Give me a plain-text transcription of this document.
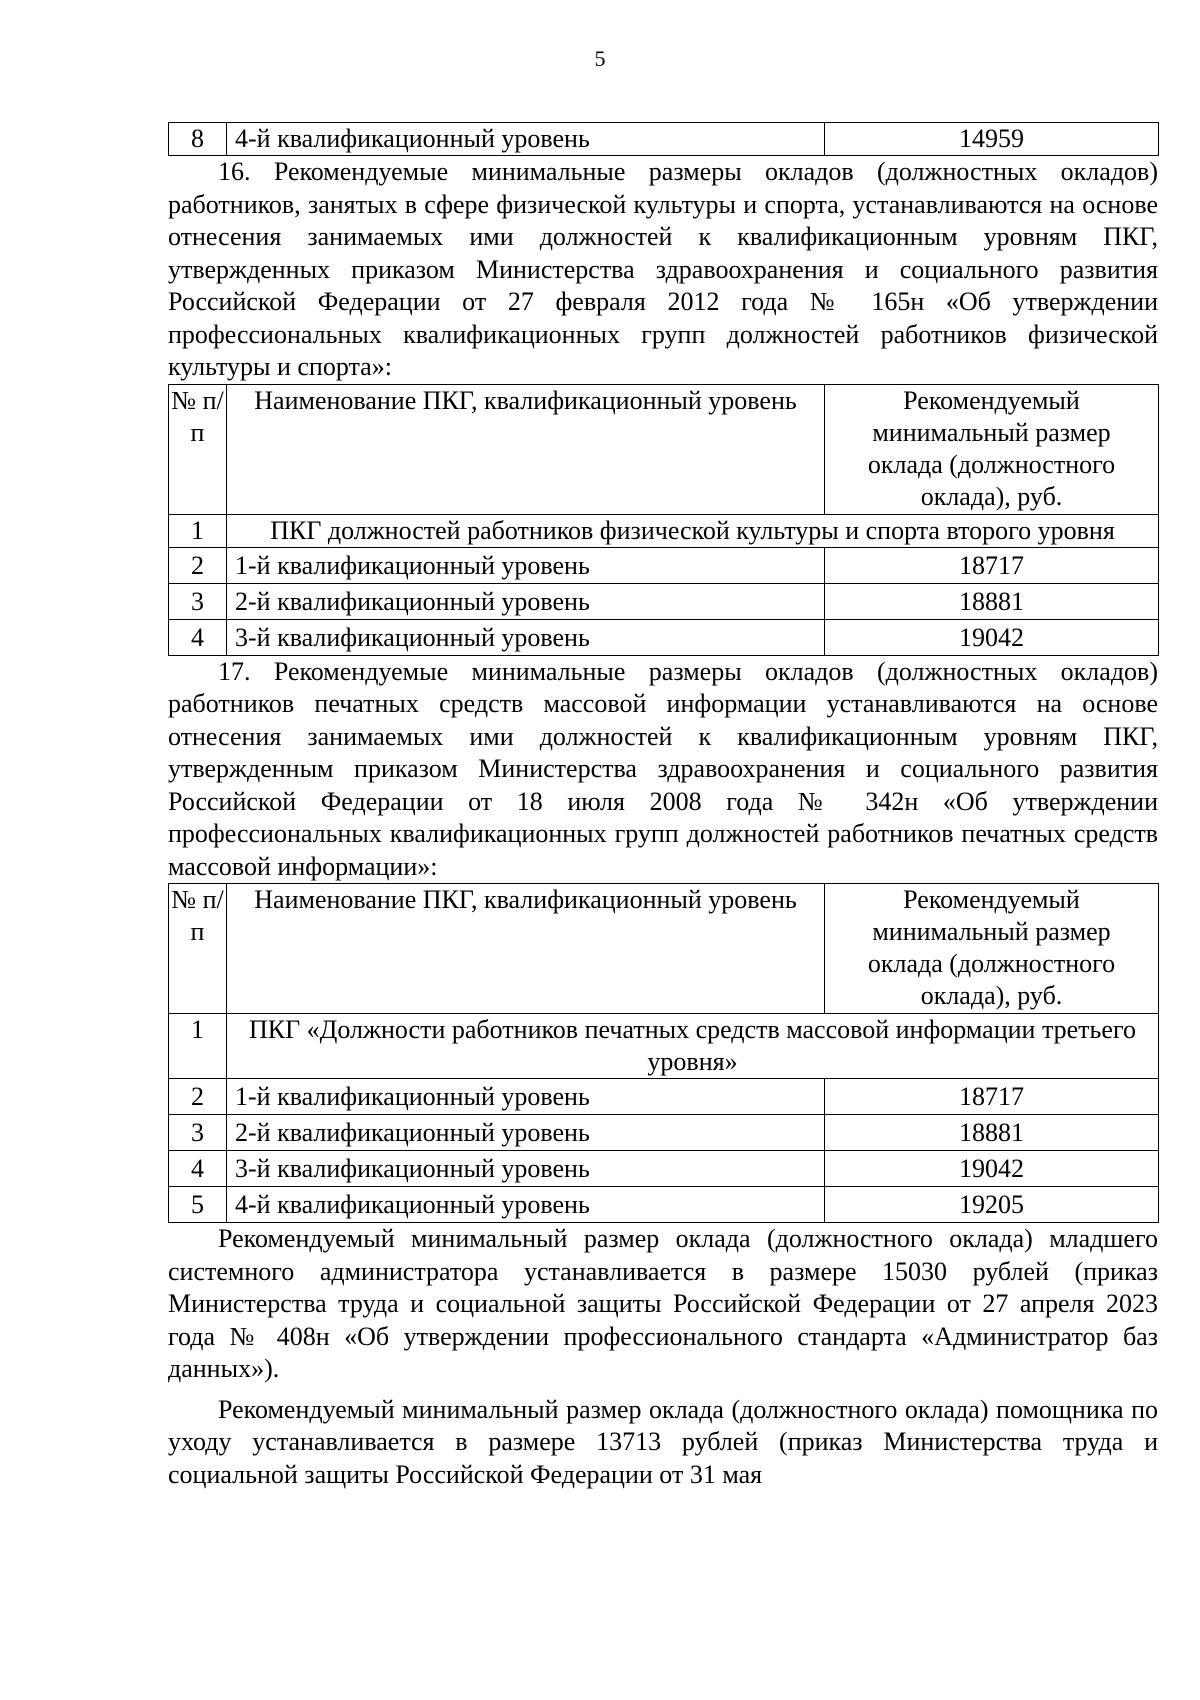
5
8	4-й квалификационный уровень	14959

16. Рекомендуемые минимальные размеры окладов (должностных окладов) работников, занятых в сфере физической культуры и спорта, устанавливаются на основе отнесения занимаемых ими должностей к квалификационным уровням ПКГ, утвержденных приказом Министерства здравоохранения и социального развития Российской Федерации от 27 февраля 2012 года № 165н «Об утверждении профессиональных квалификационных групп должностей работников физической культуры и спорта»:

№ п/п	Наименование ПКГ, квалификационный уровень	Рекомендуемый минимальный размер оклада (должностного оклада), руб.
1	ПКГ должностей работников физической культуры и спорта второго уровня	
2	1-й квалификационный уровень	18717
3	2-й квалификационный уровень	18881
4	3-й квалификационный уровень	19042

17. Рекомендуемые минимальные размеры окладов (должностных окладов) работников печатных средств массовой информации устанавливаются на основе отнесения занимаемых ими должностей к квалификационным уровням ПКГ, утвержденным приказом Министерства здравоохранения и социального развития Российской Федерации от 18 июля 2008 года № 342н «Об утверждении профессиональных квалификационных групп должностей работников печатных средств массовой информации»:

№ п/п	Наименование ПКГ, квалификационный уровень	Рекомендуемый минимальный размер оклада (должностного оклада), руб.
1	ПКГ «Должности работников печатных средств массовой информации третьего уровня»	
2	1-й квалификационный уровень	18717
3	2-й квалификационный уровень	18881
4	3-й квалификационный уровень	19042
5	4-й квалификационный уровень	19205

Рекомендуемый минимальный размер оклада (должностного оклада) младшего системного администратора устанавливается в размере 15030 рублей (приказ Министерства труда и социальной защиты Российской Федерации от 27 апреля 2023 года № 408н «Об утверждении профессионального стандарта «Администратор баз данных»).

Рекомендуемый минимальный размер оклада (должностного оклада) помощника по уходу устанавливается в размере 13713 рублей (приказ Министерства труда и социальной защиты Российской Федерации от 31 мая
